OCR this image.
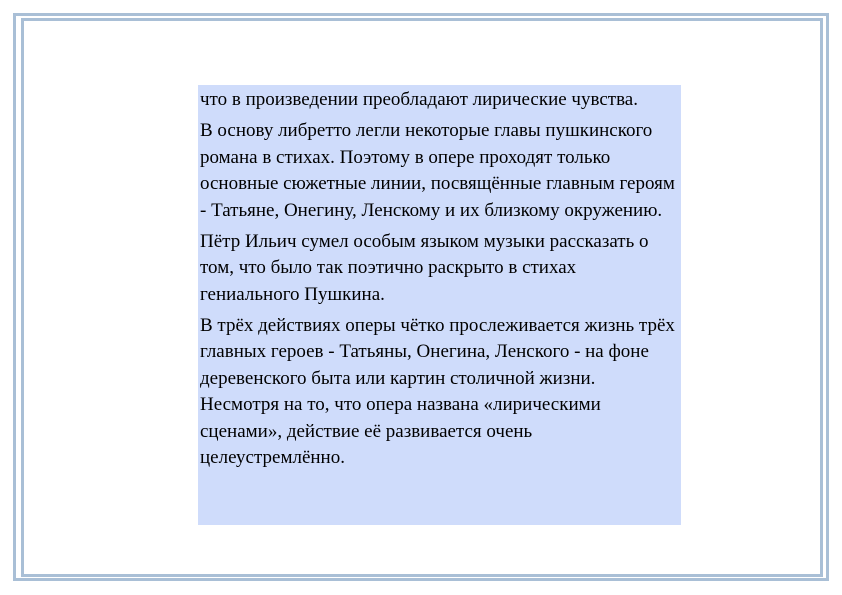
что в произведении преобладают лирические чувства.

В основу либретто легли некоторые главы пушкинского романа в стихах. Поэтому в опере проходят только основные сюжетные линии, посвящённые главным героям - Татьяне, Онегину, Ленскому и их близкому окружению.

Пётр Ильич сумел особым языком музыки рассказать о том, что было так поэтично раскрыто в стихах гениального Пушкина.

В трёх действиях оперы чётко прослеживается жизнь трёх главных героев - Татьяны, Онегина, Ленского - на фоне деревенского быта или картин столичной жизни. Несмотря на то, что опера названа «лирическими сценами», действие её развивается очень целеустремлённо.
